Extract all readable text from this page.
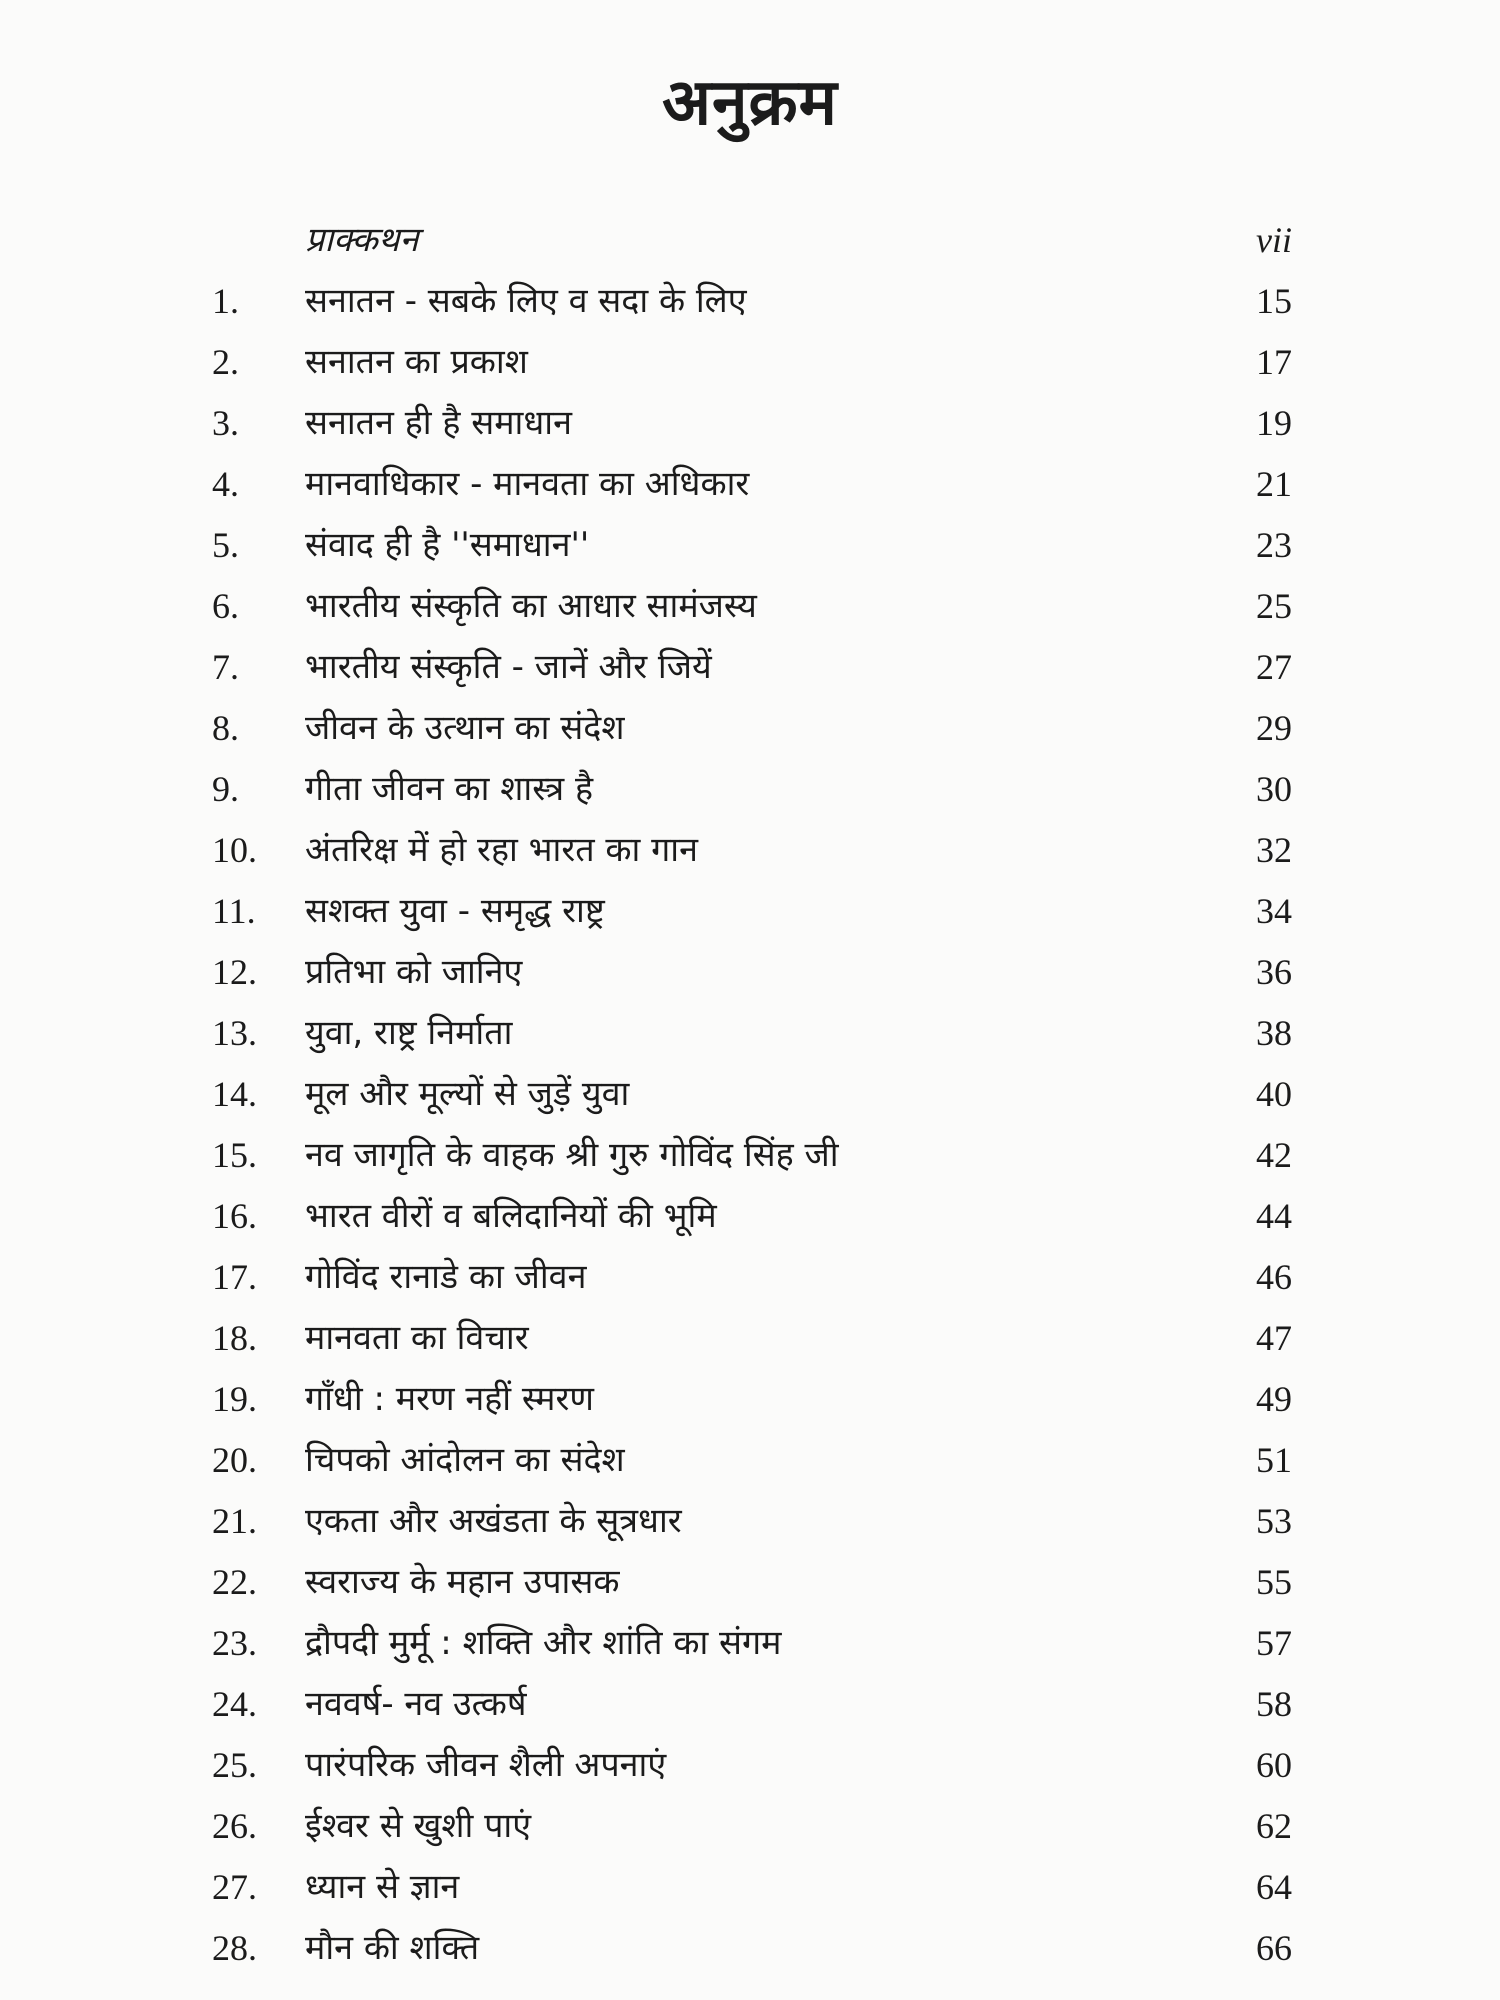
अनुक्रम
प्राक्कथन	vii
1.	सनातन - सबके लिए व सदा के लिए	15
2.	सनातन का प्रकाश	17
3.	सनातन ही है समाधान	19
4.	मानवाधिकार - मानवता का अधिकार	21
5.	संवाद ही है ''समाधान''	23
6.	भारतीय संस्कृति का आधार सामंजस्य	25
7.	भारतीय संस्कृति - जानें और जियें	27
8.	जीवन के उत्थान का संदेश	29
9.	गीता जीवन का शास्त्र है	30
10.	अंतरिक्ष में हो रहा भारत का गान	32
11.	सशक्त युवा - समृद्ध राष्ट्र	34
12.	प्रतिभा को जानिए	36
13.	युवा, राष्ट्र निर्माता	38
14.	मूल और मूल्यों से जुड़ें युवा	40
15.	नव जागृति के वाहक श्री गुरु गोविंद सिंह जी	42
16.	भारत वीरों व बलिदानियों की भूमि	44
17.	गोविंद रानाडे का जीवन	46
18.	मानवता का विचार	47
19.	गाँधी : मरण नहीं स्मरण	49
20.	चिपको आंदोलन का संदेश	51
21.	एकता और अखंडता के सूत्रधार	53
22.	स्वराज्य के महान उपासक	55
23.	द्रौपदी मुर्मू : शक्ति और शांति का संगम	57
24.	नववर्ष- नव उत्कर्ष	58
25.	पारंपरिक जीवन शैली अपनाएं	60
26.	ईश्वर से खुशी पाएं	62
27.	ध्यान से ज्ञान	64
28.	मौन की शक्ति	66
